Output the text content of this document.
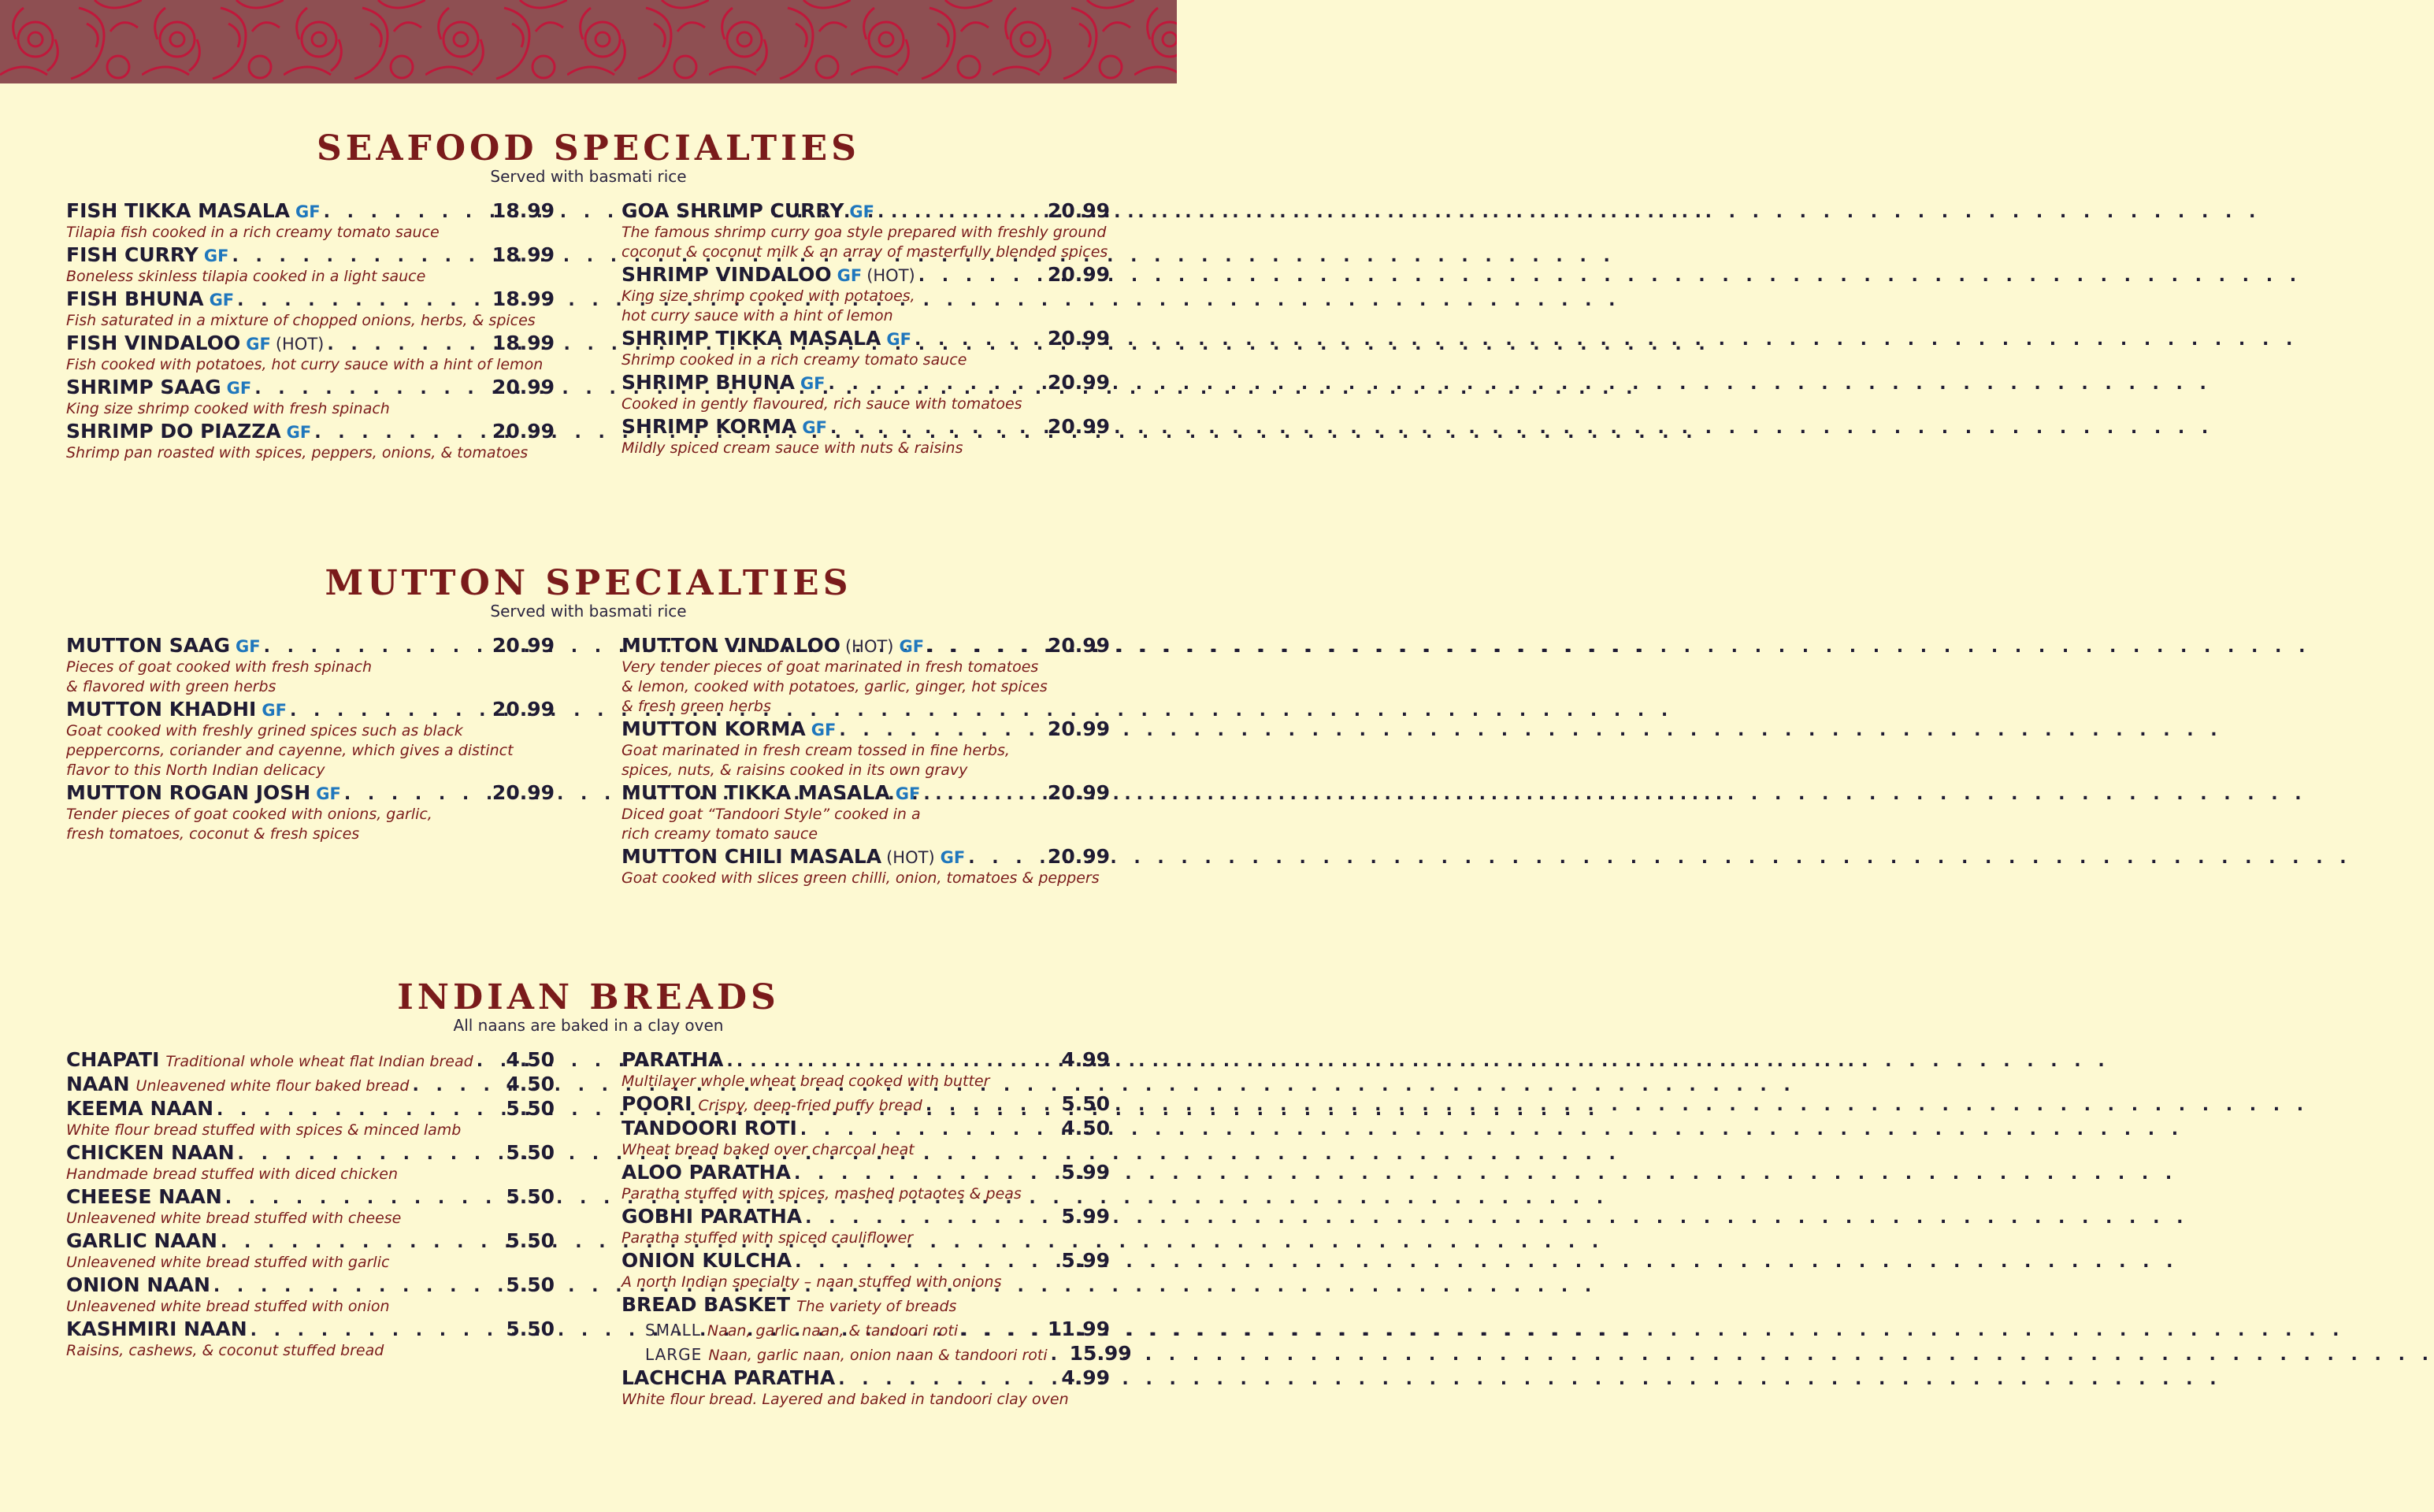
SEAFOOD SPECIALTIES
Served with basmati rice
FISH TIKKA MASALA GF . . .	18.99
Tilapia fish cooked in a rich creamy tomato sauce
FISH CURRY GF . . .	18.99
Boneless skinless tilapia cooked in a light sauce
FISH BHUNA GF . . .	18.99
Fish saturated in a mixture of chopped onions, herbs, & spices
FISH VINDALOO GF (HOT) . . .	18.99
Fish cooked with potatoes, hot curry sauce with a hint of lemon
SHRIMP SAAG GF . . .	20.99
King size shrimp cooked with fresh spinach
SHRIMP DO PIAZZA GF . . .	20.99
Shrimp pan roasted with spices, peppers, onions, & tomatoes
GOA SHRIMP CURRY GF . . .	20.99
The famous shrimp curry goa style prepared with freshly ground
coconut & coconut milk & an array of masterfully blended spices
SHRIMP VINDALOO GF (HOT) . . .	20.99
King size shrimp cooked with potatoes,
hot curry sauce with a hint of lemon
SHRIMP TIKKA MASALA GF . . .	20.99
Shrimp cooked in a rich creamy tomato sauce
SHRIMP BHUNA GF . . .	20.99
Cooked in gently flavoured, rich sauce with tomatoes
SHRIMP KORMA GF . . .	20.99
Mildly spiced cream sauce with nuts & raisins
MUTTON SPECIALTIES
Served with basmati rice
MUTTON SAAG GF . . .	20.99
Pieces of goat cooked with fresh spinach
& flavored with green herbs
MUTTON KHADHI GF . . .	20.99
Goat cooked with freshly grined spices such as black
peppercorns, coriander and cayenne, which gives a distinct
flavor to this North Indian delicacy
MUTTON ROGAN JOSH GF . . .	20.99
Tender pieces of goat cooked with onions, garlic,
fresh tomatoes, coconut & fresh spices
MUTTON VINDALOO (HOT) GF . . .	20.99
Very tender pieces of goat marinated in fresh tomatoes
& lemon, cooked with potatoes, garlic, ginger, hot spices
& fresh green herbs
MUTTON KORMA GF . . .	20.99
Goat marinated in fresh cream tossed in fine herbs,
spices, nuts, & raisins cooked in its own gravy
MUTTON TIKKA MASALA GF . . .	20.99
Diced goat “Tandoori Style” cooked in a
rich creamy tomato sauce
MUTTON CHILI MASALA (HOT) GF . . .	20.99
Goat cooked with slices green chilli, onion, tomatoes & peppers
INDIAN BREADS
All naans are baked in a clay oven
CHAPATI Traditional whole wheat flat Indian bread . . . 4.50
NAAN Unleavened white flour baked bread . . .	4.50
KEEMA NAAN . . .	5.50
White flour bread stuffed with spices & minced lamb
CHICKEN NAAN . . .	5.50
Handmade bread stuffed with diced chicken
CHEESE NAAN . . .	5.50
Unleavened white bread stuffed with cheese
GARLIC NAAN . . .	5.50
Unleavened white bread stuffed with garlic
ONION NAAN . . .	5.50
Unleavened white bread stuffed with onion
KASHMIRI NAAN . . .	5.50
Raisins, cashews, & coconut stuffed bread
PARATHA . . .	4.99
Multilayer whole wheat bread cooked with butter
POORI Crispy, deep-fried puffy bread . . .	5.50
TANDOORI ROTI . . .	4.50
Wheat bread baked over charcoal heat
ALOO PARATHA . . .	5.99
Paratha stuffed with spices, mashed potaotes & peas
GOBHI PARATHA . . .	5.99
Paratha stuffed with spiced cauliflower
ONION KULCHA . . .	5.99
A north Indian specialty – naan stuffed with onions
BREAD BASKET The variety of breads
SMALL Naan, garlic naan, & tandoori roti . . .	11.99
LARGE Naan, garlic naan, onion naan & tandoori roti . . . 15.99
LACHCHA PARATHA . . .	4.99
White flour bread. Layered and baked in tandoori clay oven
